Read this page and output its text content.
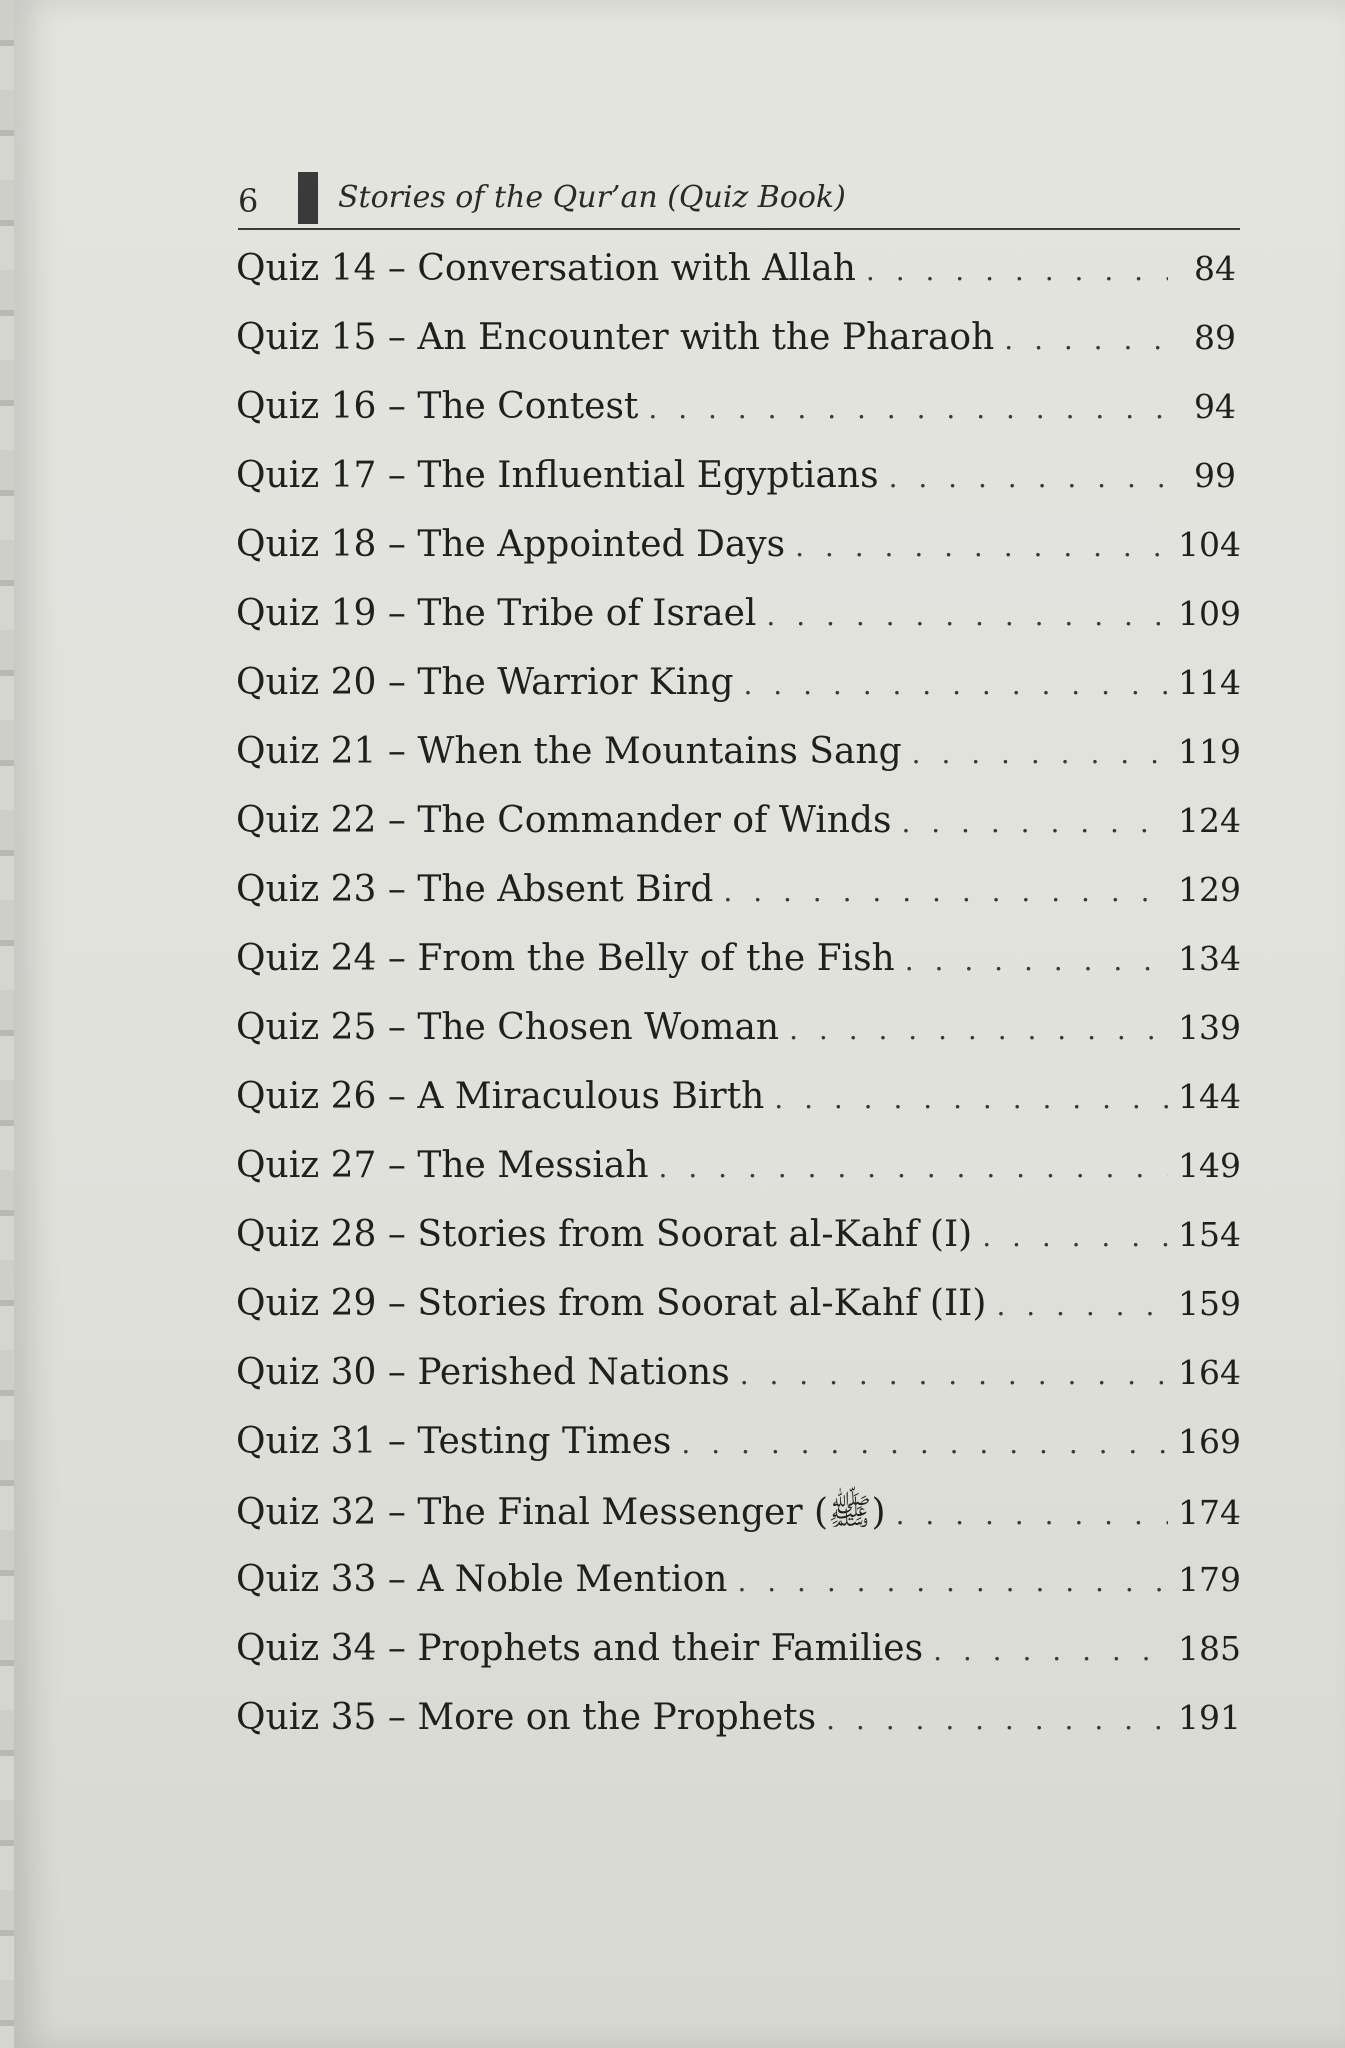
6	Stories of the Qur’an (Quiz Book)
Quiz 14 – Conversation with Allah . . .	84
Quiz 15 – An Encounter with the Pharaoh . . .	89
Quiz 16 – The Contest . . .	94
Quiz 17 – The Influential Egyptians . . .	99
Quiz 18 – The Appointed Days . . .	104
Quiz 19 – The Tribe of Israel . . .	109
Quiz 20 – The Warrior King . . .	114
Quiz 21 – When the Mountains Sang . . .	119
Quiz 22 – The Commander of Winds . . .	124
Quiz 23 – The Absent Bird . . .	129
Quiz 24 – From the Belly of the Fish . . .	134
Quiz 25 – The Chosen Woman . . .	139
Quiz 26 – A Miraculous Birth . . .	144
Quiz 27 – The Messiah . . .	149
Quiz 28 – Stories from Soorat al-Kahf (I) . . .	154
Quiz 29 – Stories from Soorat al-Kahf (II) . . .	159
Quiz 30 – Perished Nations . . .	164
Quiz 31 – Testing Times . . .	169
Quiz 32 – The Final Messenger (ﷺ) . . .	174
Quiz 33 – A Noble Mention . . .	179
Quiz 34 – Prophets and their Families . . .	185
Quiz 35 – More on the Prophets . . .	191
